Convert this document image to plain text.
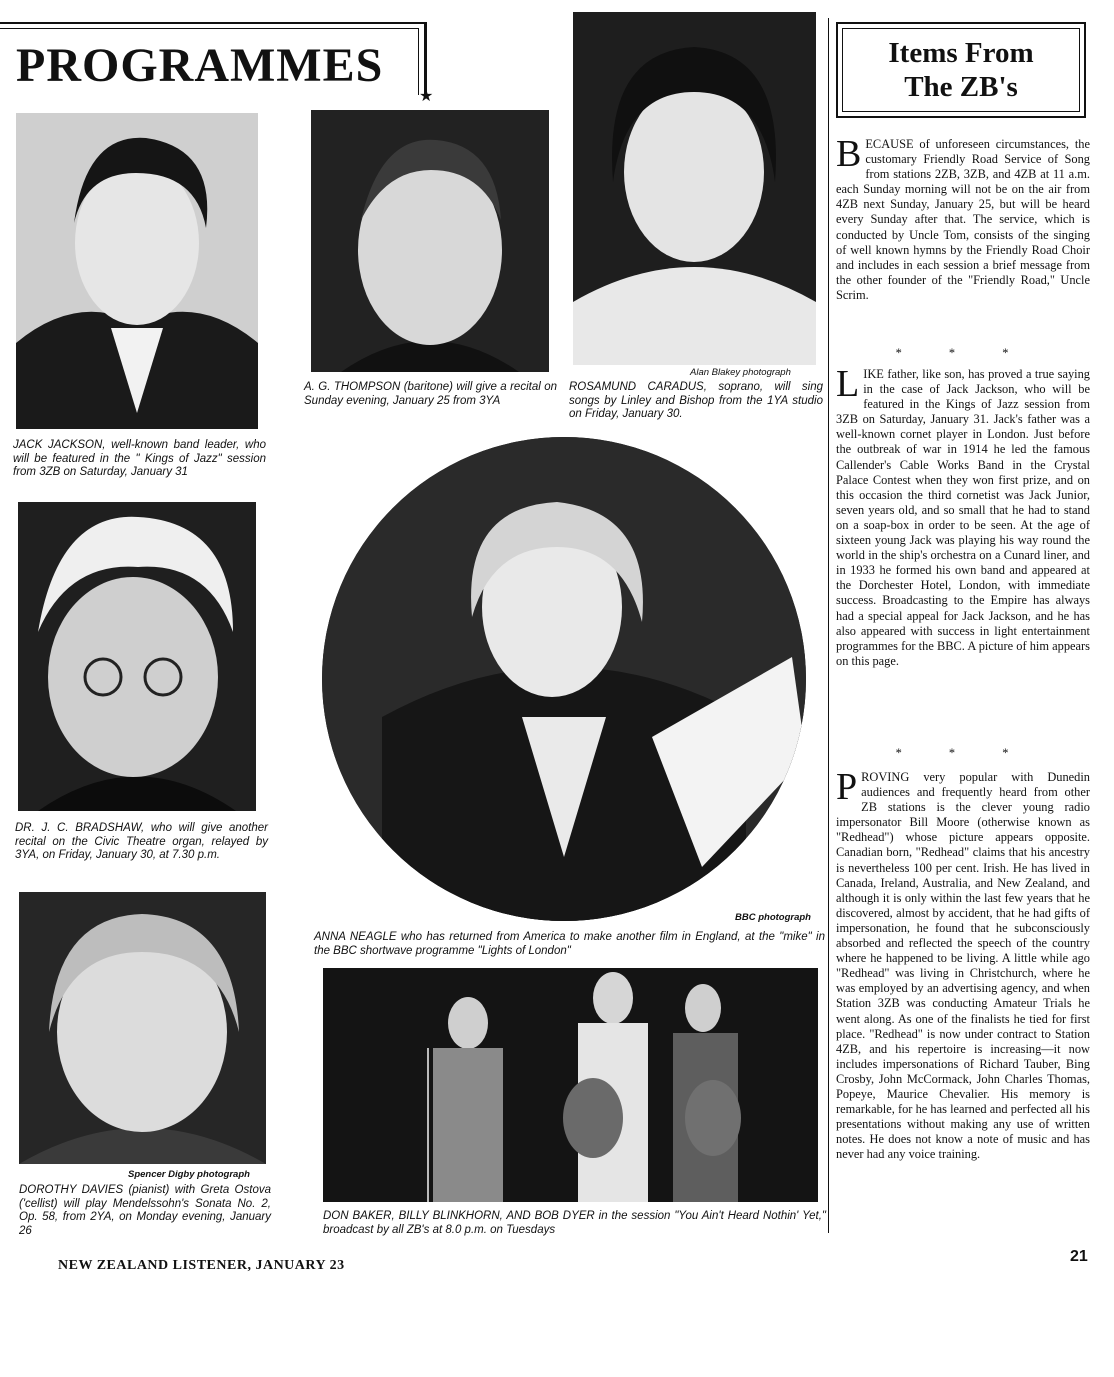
PROGRAMMES
★
Alan Blakey photograph
BBC photograph
Spencer Digby photograph
JACK JACKSON, well-known band leader, who will be featured in the " Kings of Jazz" session from 3ZB on Saturday, January 31
A. G. THOMPSON (baritone) will give a recital on Sunday evening, January 25 from 3YA
ROSAMUND CARADUS, soprano, will sing songs by Linley and Bishop from the 1YA studio on Friday, January 30.
DR. J. C. BRADSHAW, who will give another recital on the Civic Theatre organ, relayed by 3YA, on Friday, January 30, at 7.30 p.m.
ANNA NEAGLE who has returned from America to make another film in England, at the "mike" in the BBC shortwave programme "Lights of London"
DOROTHY DAVIES (pianist) with Greta Ostova ('cellist) will play Mendelssohn's Sonata No. 2, Op. 58, from 2YA, on Monday evening, January 26
DON BAKER, BILLY BLINKHORN, AND BOB DYER in the session "You Ain't Heard Nothin' Yet," broadcast by all ZB's at 8.0 p.m. on Tuesdays
Items From
The ZB's
B ECAUSE of unforeseen circumstances, the customary Friendly Road Service of Song from stations 2ZB, 3ZB, and 4ZB at 11 a.m. each Sunday morning will not be on the air from 4ZB next Sunday, January 25, but will be heard every Sunday after that. The service, which is conducted by Uncle Tom, consists of the singing of well known hymns by the Friendly Road Choir and includes in each session a brief message from the other founder of the "Friendly Road," Uncle Scrim.
* * *
L IKE father, like son, has proved a true saying in the case of Jack Jackson, who will be featured in the Kings of Jazz session from 3ZB on Saturday, January 31. Jack's father was a well-known cornet player in London. Just before the outbreak of war in 1914 he led the famous Callender's Cable Works Band in the Crystal Palace Contest when they won first prize, and on this occasion the third cornetist was Jack Junior, seven years old, and so small that he had to stand on a soap-box in order to be seen. At the age of sixteen young Jack was playing his way round the world in the ship's orchestra on a Cunard liner, and in 1933 he formed his own band and appeared at the Dorchester Hotel, London, with immediate success. Broadcasting to the Empire has always had a special appeal for Jack Jackson, and he has also appeared with success in light entertainment programmes for the BBC. A picture of him appears on this page.
* * *
P ROVING very popular with Dunedin audiences and frequently heard from other ZB stations is the clever young radio impersonator Bill Moore (otherwise known as "Redhead") whose picture appears opposite. Canadian born, "Redhead" claims that his ancestry is nevertheless 100 per cent. Irish. He has lived in Canada, Ireland, Australia, and New Zealand, and although it is only within the last few years that he discovered, almost by accident, that he had gifts of impersonation, he found that he subconsciously absorbed and reflected the speech of the country where he happened to be living. A little while ago "Redhead" was living in Christchurch, where he was employed by an advertising agency, and when Station 3ZB was conducting Amateur Trials he went along. As one of the finalists he tied for first place. "Redhead" is now under contract to Station 4ZB, and his repertoire is increasing—it now includes impersonations of Richard Tauber, Bing Crosby, John McCormack, John Charles Thomas, Popeye, Maurice Chevalier. His memory is remarkable, for he has learned and perfected all his presentations without making any use of written notes. He does not know a note of music and has never had any voice training.
NEW ZEALAND LISTENER, JANUARY 23
21
